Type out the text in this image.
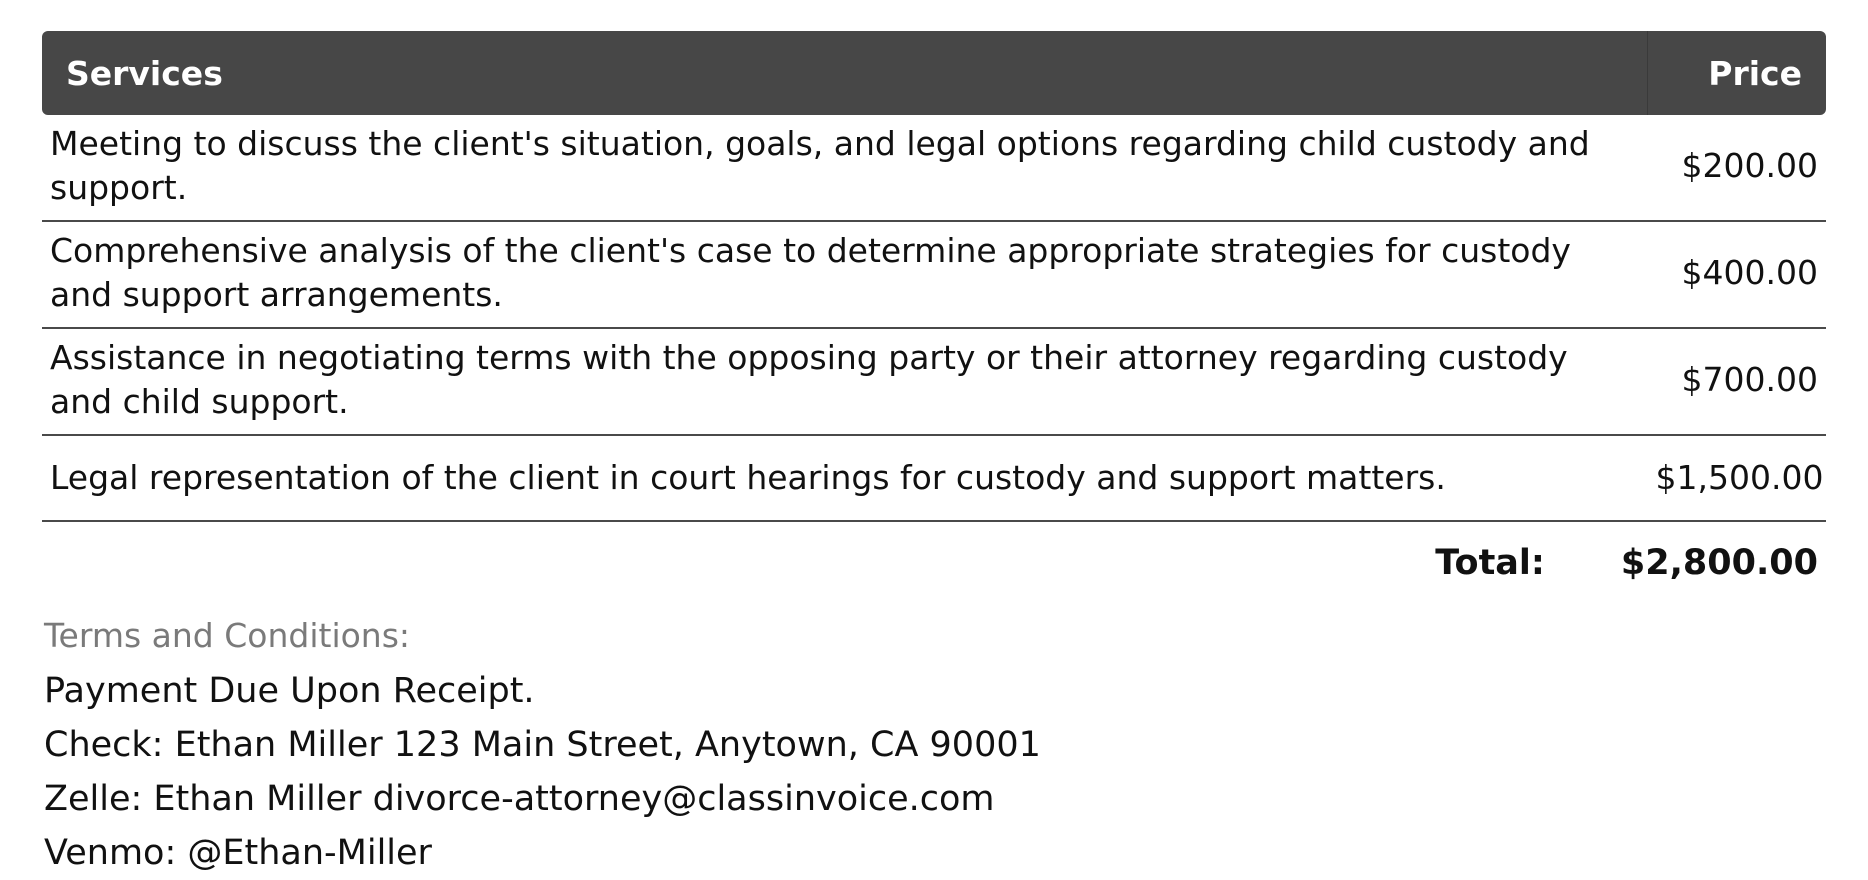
Services	Price
Meeting to discuss the client's situation, goals, and legal options regarding child custody and support.	$200.00
Comprehensive analysis of the client's case to determine appropriate strategies for custody and support arrangements.	$400.00
Assistance in negotiating terms with the opposing party or their attorney regarding custody and child support.	$700.00
Legal representation of the client in court hearings for custody and support matters.	$1,500.00
Total: $2,800.00
Terms and Conditions:
Payment Due Upon Receipt.
Check: Ethan Miller 123 Main Street, Anytown, CA 90001
Zelle: Ethan Miller divorce-attorney@classinvoice.com
Venmo: @Ethan-Miller
